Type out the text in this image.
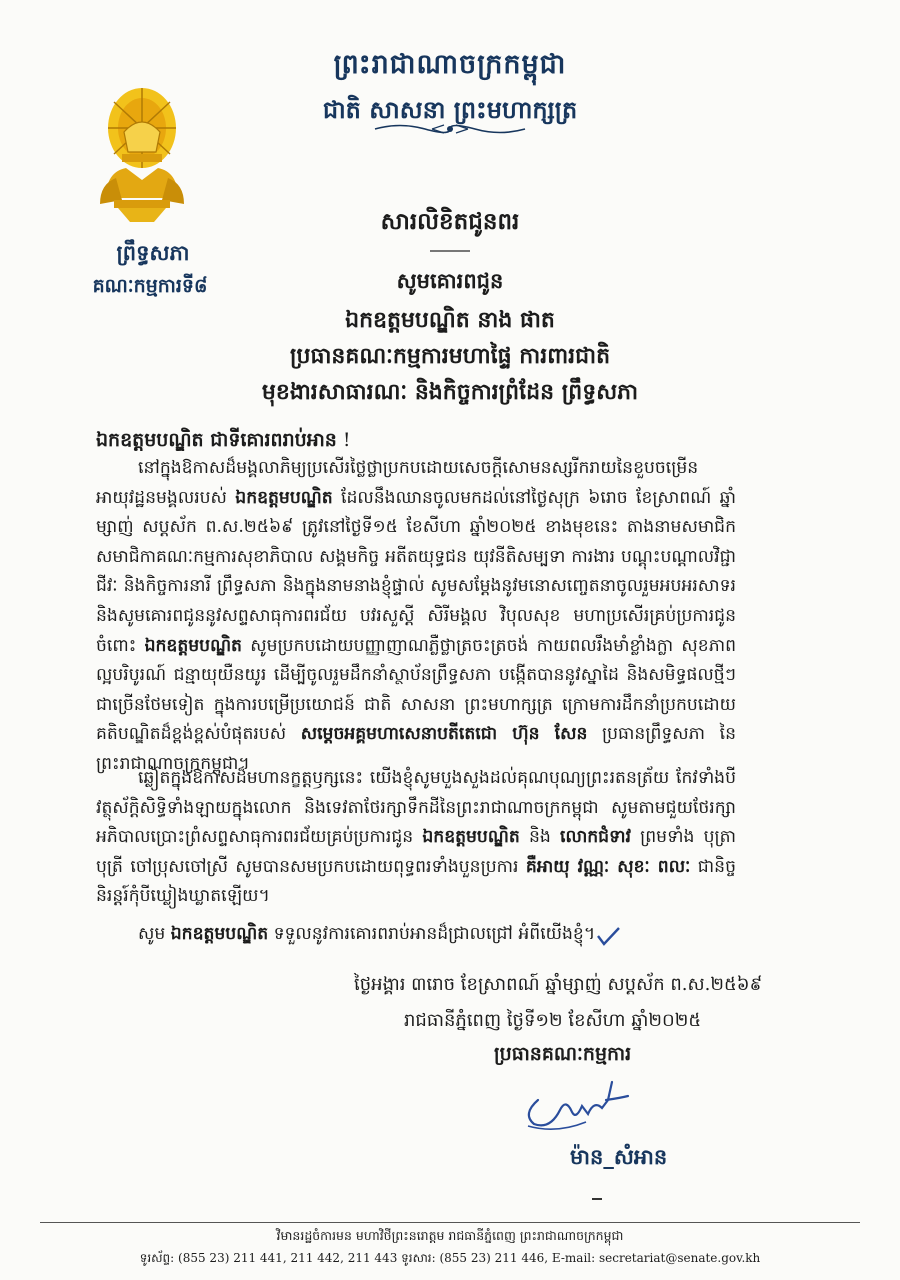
ព្រះរាជាណាចក្រកម្ពុជា
ជាតិ សាសនា ព្រះមហាក្សត្រ
ព្រឹទ្ធសភា
គណៈកម្មការទី៨
សារលិខិតជូនពរ
សូមគោរពជូន
ឯកឧត្តមបណ្ឌិត នាង ផាត
ប្រធានគណៈកម្មការមហាផ្ទៃ ការពារជាតិ
មុខងារសាធារណៈ និងកិច្ចការព្រំដែន ព្រឹទ្ធសភា
ឯកឧត្តមបណ្ឌិត ជាទីគោរពរាប់អាន !

នៅក្នុងឱកាសដ៏មង្គលាភិម្យប្រសើរថ្លៃថ្លាប្រកបដោយសេចក្តីសោមនស្សរីករាយនៃខួបចម្រើនអាយុវដ្ឋនមង្គលរបស់ ឯកឧត្តមបណ្ឌិត ដែលនឹងឈានចូលមកដល់នៅថ្ងៃសុក្រ ៦រោច ខែស្រាពណ៍ ឆ្នាំម្សាញ់ សប្តស័ក ព.ស.២៥៦៩ ត្រូវនៅថ្ងៃទី១៥ ខែសីហា ឆ្នាំ២០២៥ ខាងមុខនេះ តាងនាមសមាជិក សមាជិកាគណៈកម្មការសុខាភិបាល សង្គមកិច្ច អតីតយុទ្ធជន យុវនីតិសម្បទា ការងារ បណ្តុះបណ្តាលវិជ្ជាជីវៈ និងកិច្ចការនារី ព្រឹទ្ធសភា និងក្នុងនាមនាងខ្ញុំផ្ទាល់ សូមសម្តែងនូវមនោសញ្ចេតនាចូលរួមអបអរសាទរ និងសូមគោរពជូននូវសព្ទសាធុការពរជ័យ បវរសួស្តី សិរីមង្គល វិបុលសុខ មហាប្រសើរគ្រប់ប្រការជូនចំពោះ ឯកឧត្តមបណ្ឌិត សូមប្រកបដោយបញ្ញាញាណភ្លឺថ្លាត្រចះត្រចង់ កាយពលរឹងមាំខ្លាំងក្លា សុខភាពល្អបរិបូរណ៍ ជន្មាយុយឺនយូរ ដើម្បីចូលរួមដឹកនាំស្ថាប័នព្រឹទ្ធសភា បង្កើតបាននូវស្នាដៃ និងសមិទ្ធផលថ្មីៗជាច្រើនថែមទៀត ក្នុងការបម្រើប្រយោជន៍ ជាតិ សាសនា ព្រះមហាក្សត្រ ក្រោមការដឹកនាំប្រកបដោយគតិបណ្ឌិតដ៏ខ្ពង់ខ្ពស់បំផុតរបស់ សម្តេចអគ្គមហាសេនាបតីតេជោ ហ៊ុន សែន ប្រធានព្រឹទ្ធសភា នៃព្រះរាជាណាចក្រកម្ពុជា។

ឆ្លៀតក្នុងឱកាសដ៏មហានក្ខត្តឫក្សនេះ យើងខ្ញុំសូមបួងសួងដល់គុណបុណ្យព្រះរតនត្រ័យ កែវទាំងបី វត្ថុស័ក្តិសិទ្ធិទាំងឡាយក្នុងលោក និងទេវតាថែរក្សាទឹកដីនៃព្រះរាជាណាចក្រកម្ពុជា សូមតាមជួយថែរក្សា អភិបាលប្រោះព្រំសព្ទសាធុការពរជ័យគ្រប់ប្រការជូន ឯកឧត្តមបណ្ឌិត និង លោកជំទាវ ព្រមទាំង បុត្រាបុត្រី ចៅប្រុសចៅស្រី សូមបានសមប្រកបដោយពុទ្ធពរទាំងបួនប្រការ គឺអាយុ វណ្ណៈ សុខៈ ពលៈ ជានិច្ចនិរន្តរ៍កុំបីឃ្លៀងឃ្លាតឡើយ។

សូម ឯកឧត្តមបណ្ឌិត ទទួលនូវការគោរពរាប់អានដ៏ជ្រាលជ្រៅ អំពីយើងខ្ញុំ។

ថ្ងៃអង្គារ ៣រោច ខែស្រាពណ៍ ឆ្នាំម្សាញ់ សប្តស័ក ព.ស.២៥៦៩
រាជធានីភ្នំពេញ ថ្ងៃទី១២ ខែសីហា ឆ្នាំ២០២៥
ប្រធានគណៈកម្មការ
ម៉ាន_សំអាន
វិមានរដ្ឋចំការមន មហាវិថីព្រះនរោត្តម រាជធានីភ្នំពេញ ព្រះរាជាណាចក្រកម្ពុជា
ទូរស័ព្ទ: (855 23) 211 441, 211 442, 211 443 ទូរសារ: (855 23) 211 446, E-mail: secretariat@senate.gov.kh
